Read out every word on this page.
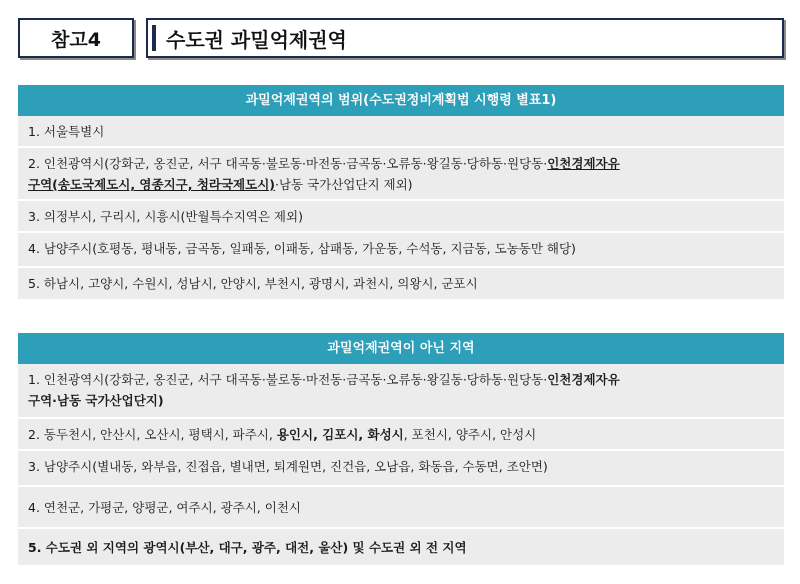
참고4	수도권 과밀억제권역
과밀억제권역의 범위(수도권정비계획법 시행령 별표1)
1. 서울특별시
2. 인천광역시(강화군, 옹진군, 서구 대곡동·불로동·마전동·금곡동·오류동·왕길동·당하동·원당동·인천경제자유
구역(송도국제도시, 영종지구, 청라국제도시)·남동 국가산업단지 제외)
3. 의정부시, 구리시, 시흥시(반월특수지역은 제외)
4. 남양주시(호평동, 평내동, 금곡동, 일패동, 이패동, 삼패동, 가운동, 수석동, 지금동, 도농동만 해당)
5. 하남시, 고양시, 수원시, 성남시, 안양시, 부천시, 광명시, 과천시, 의왕시, 군포시
과밀억제권역이 아닌 지역
1. 인천광역시(강화군, 옹진군, 서구 대곡동·불로동·마전동·금곡동·오류동·왕길동·당하동·원당동·인천경제자유
구역·남동 국가산업단지)
2. 동두천시, 안산시, 오산시, 평택시, 파주시, 용인시, 김포시, 화성시, 포천시, 양주시, 안성시
3. 남양주시(별내동, 와부읍, 진접읍, 별내면, 퇴계원면, 진건읍, 오남읍, 화동읍, 수동면, 조안면)
4. 연천군, 가평군, 양평군, 여주시, 광주시, 이천시
5. 수도권 외 지역의 광역시(부산, 대구, 광주, 대전, 울산) 및 수도권 외 전 지역
